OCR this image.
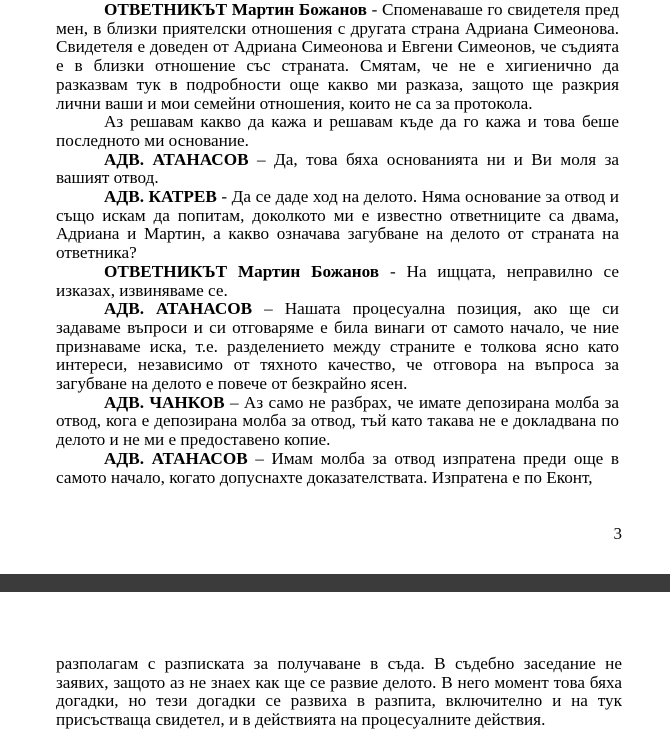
ОТВЕТНИКЪТ Мартин Божанов - Споменаваше го свидетеля пред мен, в близки приятелски отношения с другата страна Адриана Симеонова. Свидетеля е доведен от Адриана Симеонова и Евгени Симеонов, че съдията е в близки отношение със страната. Смятам, че не е хигиенично да разказвам тук в подробности още какво ми разказа, защото ще разкрия лични ваши и мои семейни отношения, които не са за протокола.

Аз решавам какво да кажа и решавам къде да го кажа и това беше последното ми основание.

АДВ. АТАНАСОВ – Да, това бяха основанията ни и Ви моля за вашият отвод.

АДВ. КАТРЕВ - Да се даде ход на делото. Няма основание за отвод и също искам да попитам, доколкото ми е известно ответниците са двама, Адриана и Мартин, а какво означава загубване на делото от страната на ответника?

ОТВЕТНИКЪТ Мартин Божанов - На ищцата, неправилно се изказах, извиняваме се.

АДВ. АТАНАСОВ – Нашата процесуална позиция, ако ще си задаваме въпроси и си отговаряме е била винаги от самото начало, че ние признаваме иска, т.е. разделението между страните е толкова ясно като интереси, независимо от тяхното качество, че отговора на въпроса за загубване на делото е повече от безкрайно ясен.

АДВ. ЧАНКОВ – Аз само не разбрах, че имате депозирана молба за отвод, кога е депозирана молба за отвод, тъй като такава не е докладвана по делото и не ми е предоставено копие.

АДВ. АТАНАСОВ – Имам молба за отвод изпратена преди още в самото начало, когато допуснахте доказателствата. Изпратена е по Еконт,

3

разполагам с разписката за получаване в съда. В съдебно заседание не заявих, защото аз не знаех как ще се развие делото. В него момент това бяха догадки, но тези догадки се развиха в разпита, включително и на тук присъстваща свидетел, и в действията на процесуалните действия.
